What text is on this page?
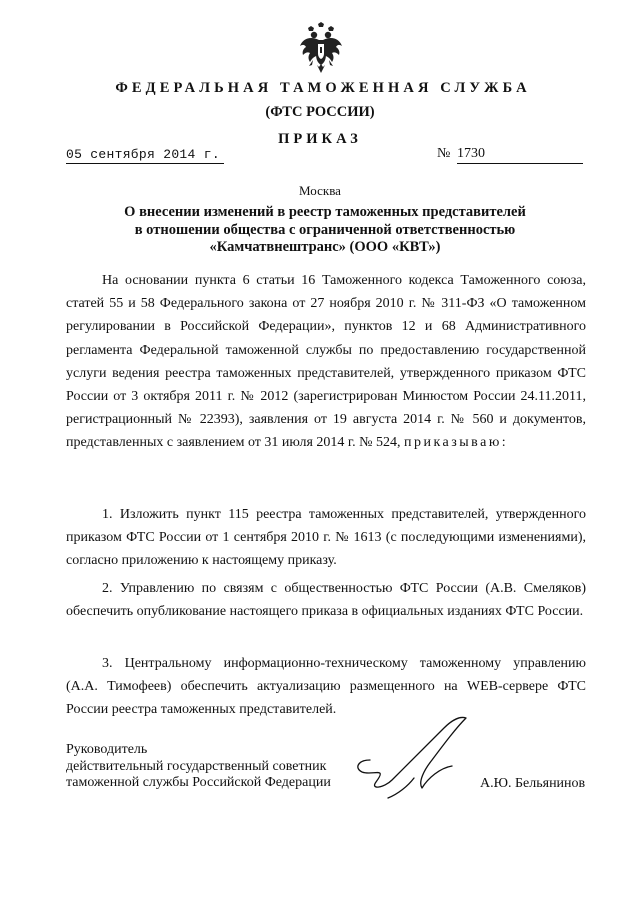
ФЕДЕРАЛЬНАЯ ТАМОЖЕННАЯ СЛУЖБА
(ФТС РОССИИ)
ПРИКАЗ
05 сентября 2014 г.	№ 1730
Москва
О внесении изменений в реестр таможенных представителей
в отношении общества с ограниченной ответственностью
«Камчатвнештранс» (ООО «КВТ»)
На основании пункта 6 статьи 16 Таможенного кодекса Таможенного союза, статей 55 и 58 Федерального закона от 27 ноября 2010 г. № 311-ФЗ «О таможенном регулировании в Российской Федерации», пунктов 12 и 68 Административного регламента Федеральной таможенной службы по предоставлению государственной услуги ведения реестра таможенных представителей, утвержденного приказом ФТС России от 3 октября 2011 г. № 2012 (зарегистрирован Минюстом России 24.11.2011, регистрационный № 22393), заявления от 19 августа 2014 г. № 560 и документов, представленных с заявлением от 31 июля 2014 г. № 524, приказываю:
1. Изложить пункт 115 реестра таможенных представителей, утвержденного приказом ФТС России от 1 сентября 2010 г. № 1613 (с последующими изменениями), согласно приложению к настоящему приказу.
2. Управлению по связям с общественностью ФТС России (А.В. Смеляков) обеспечить опубликование настоящего приказа в официальных изданиях ФТС России.
3. Центральному информационно-техническому таможенному управлению (А.А. Тимофеев) обеспечить актуализацию размещенного на WEB-сервере ФТС России реестра таможенных представителей.
Руководитель
действительный государственный советник
таможенной службы Российской Федерации	А.Ю. Бельянинов
